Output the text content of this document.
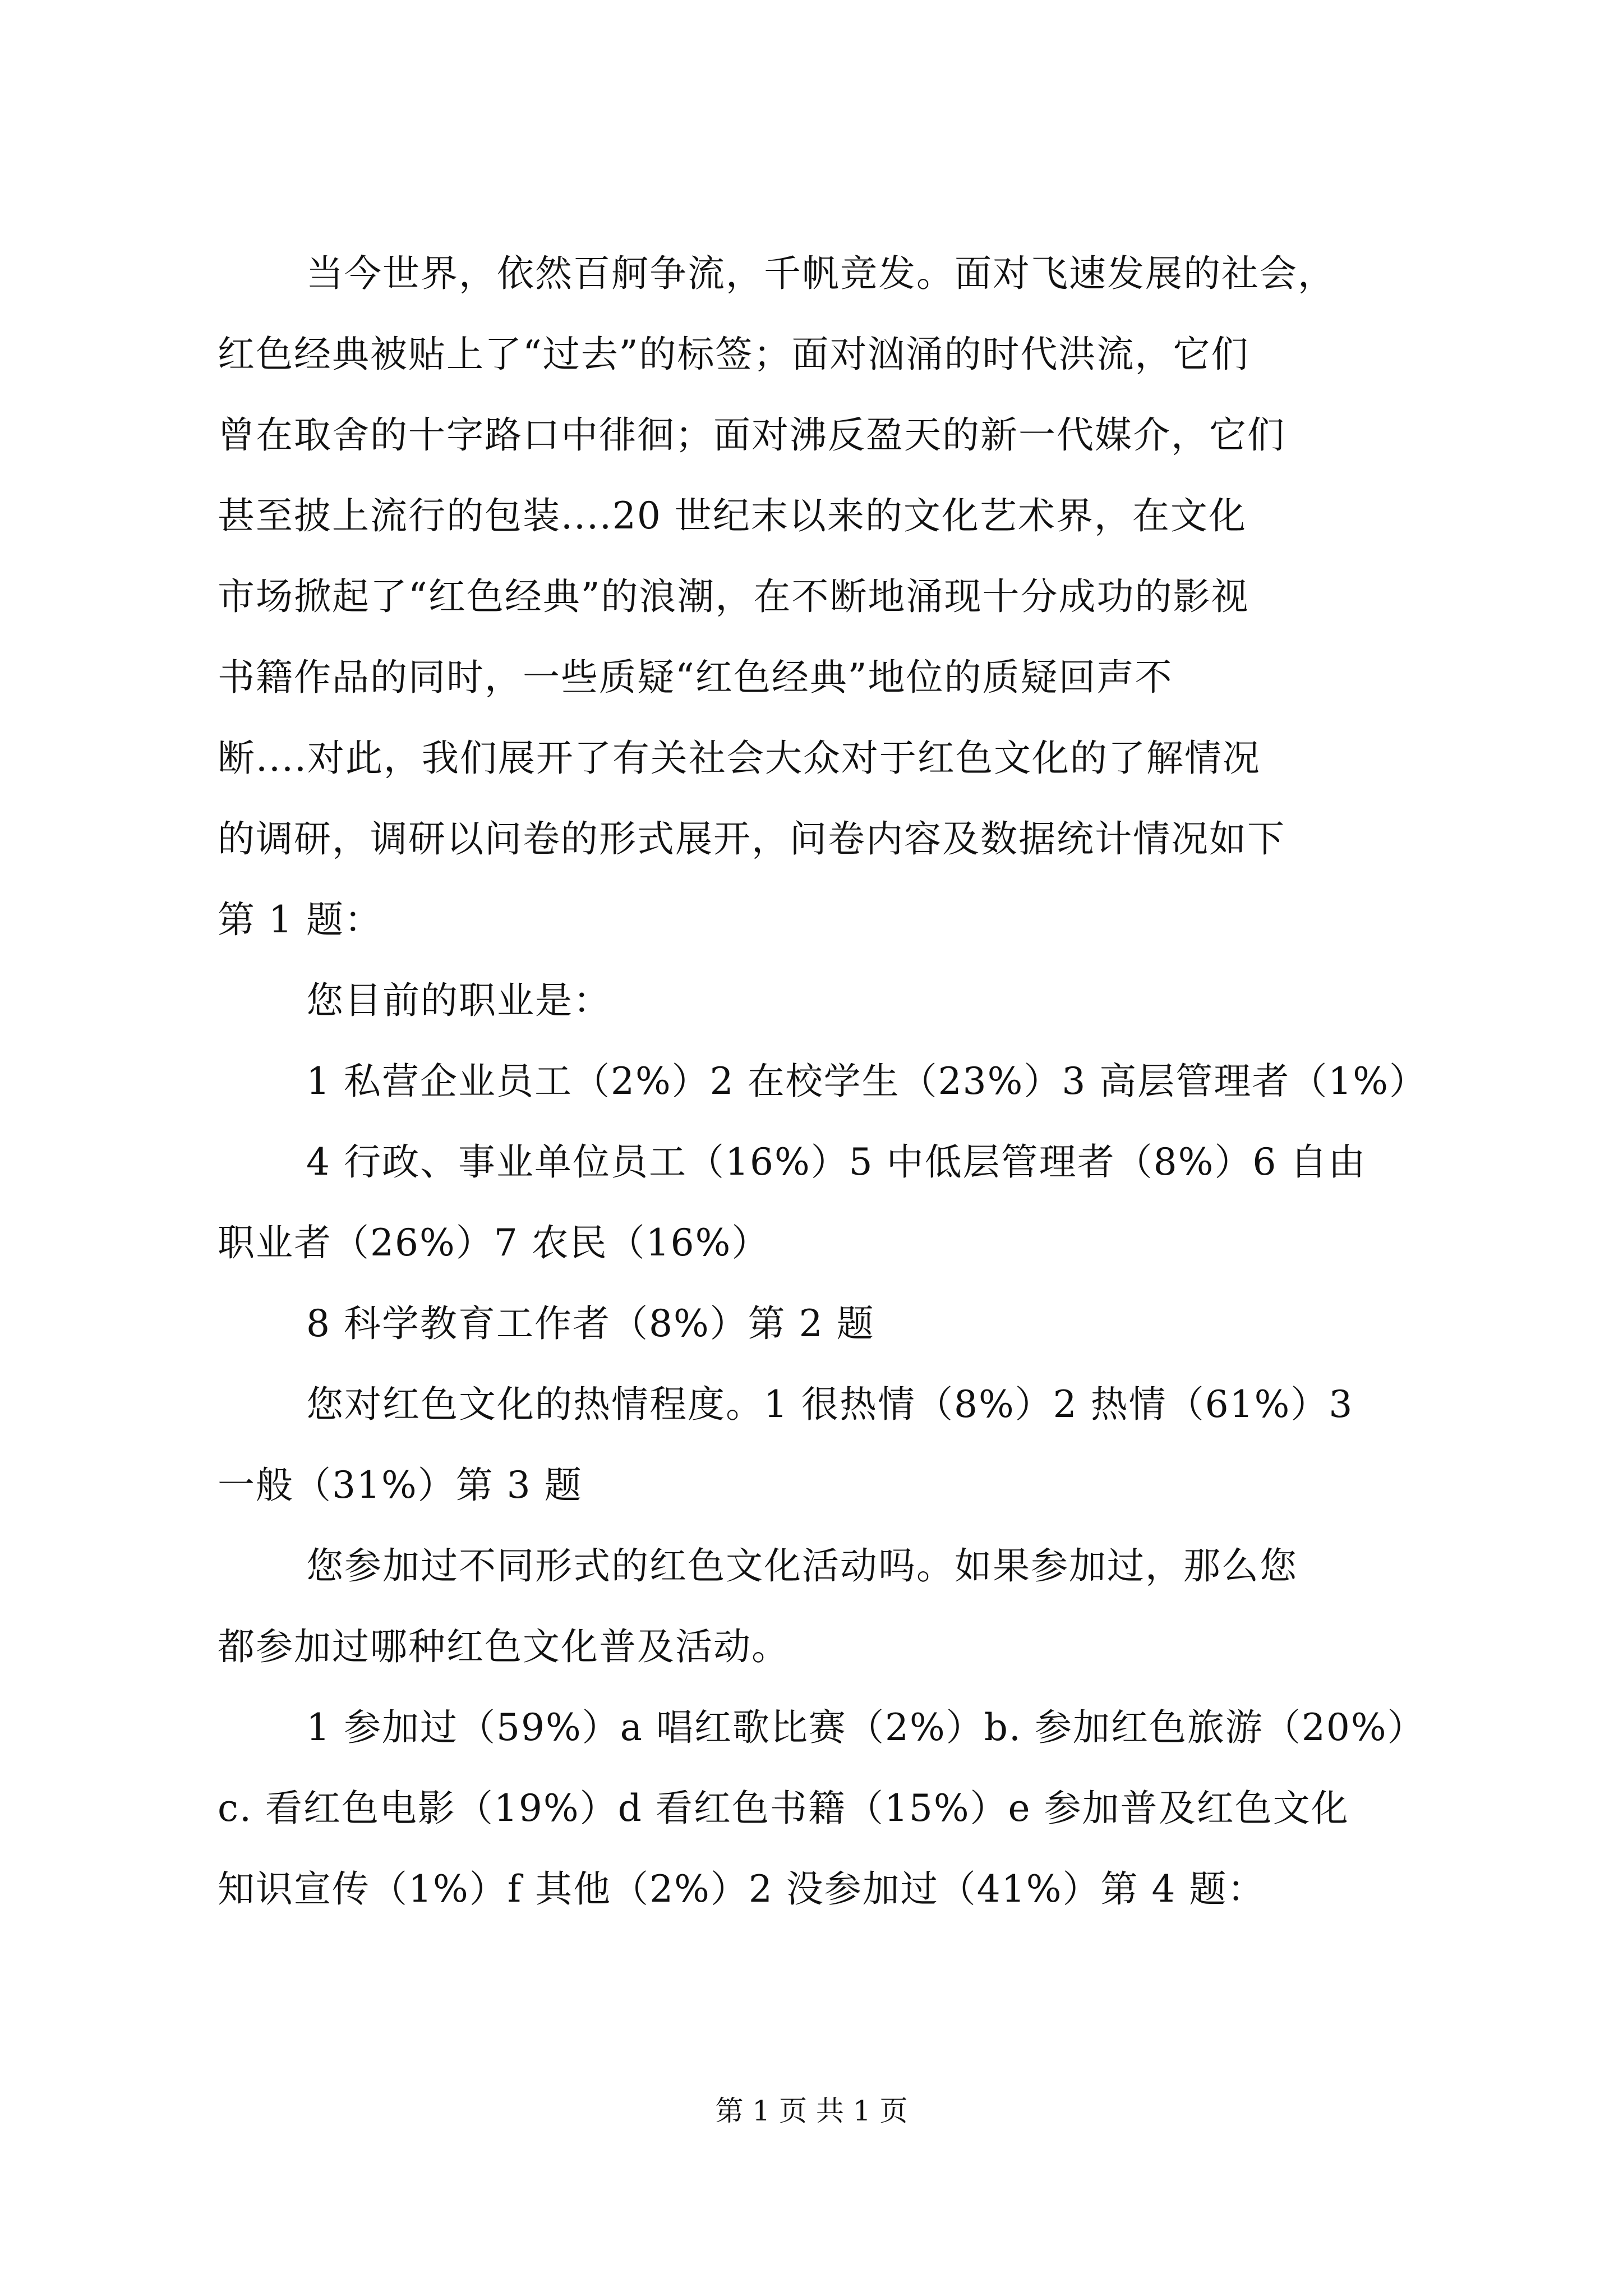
当今世界，依然百舸争流，千帆竞发。面对飞速发展的社会，
红色经典被贴上了“过去”的标签；面对汹涌的时代洪流，它们
曾在取舍的十字路口中徘徊；面对沸反盈天的新一代媒介，它们
甚至披上流行的包装....20 世纪末以来的文化艺术界，在文化
市场掀起了“红色经典”的浪潮，在不断地涌现十分成功的影视
书籍作品的同时，一些质疑“红色经典”地位的质疑回声不
断....对此，我们展开了有关社会大众对于红色文化的了解情况
的调研，调研以问卷的形式展开，问卷内容及数据统计情况如下
第 1 题：
您目前的职业是：
1 私营企业员工（2%）2 在校学生（23%）3 高层管理者（1%）
4 行政、事业单位员工（16%）5 中低层管理者（8%）6 自由
职业者（26%）7 农民（16%）
8 科学教育工作者（8%）第 2 题
您对红色文化的热情程度。1 很热情（8%）2 热情（61%）3
一般（31%）第 3 题
您参加过不同形式的红色文化活动吗。如果参加过，那么您
都参加过哪种红色文化普及活动。
1 参加过（59%）a 唱红歌比赛（2%）b. 参加红色旅游（20%）
c. 看红色电影（19%）d 看红色书籍（15%）e 参加普及红色文化
知识宣传（1%）f 其他（2%）2 没参加过（41%）第 4 题：
第 1 页 共 1 页
